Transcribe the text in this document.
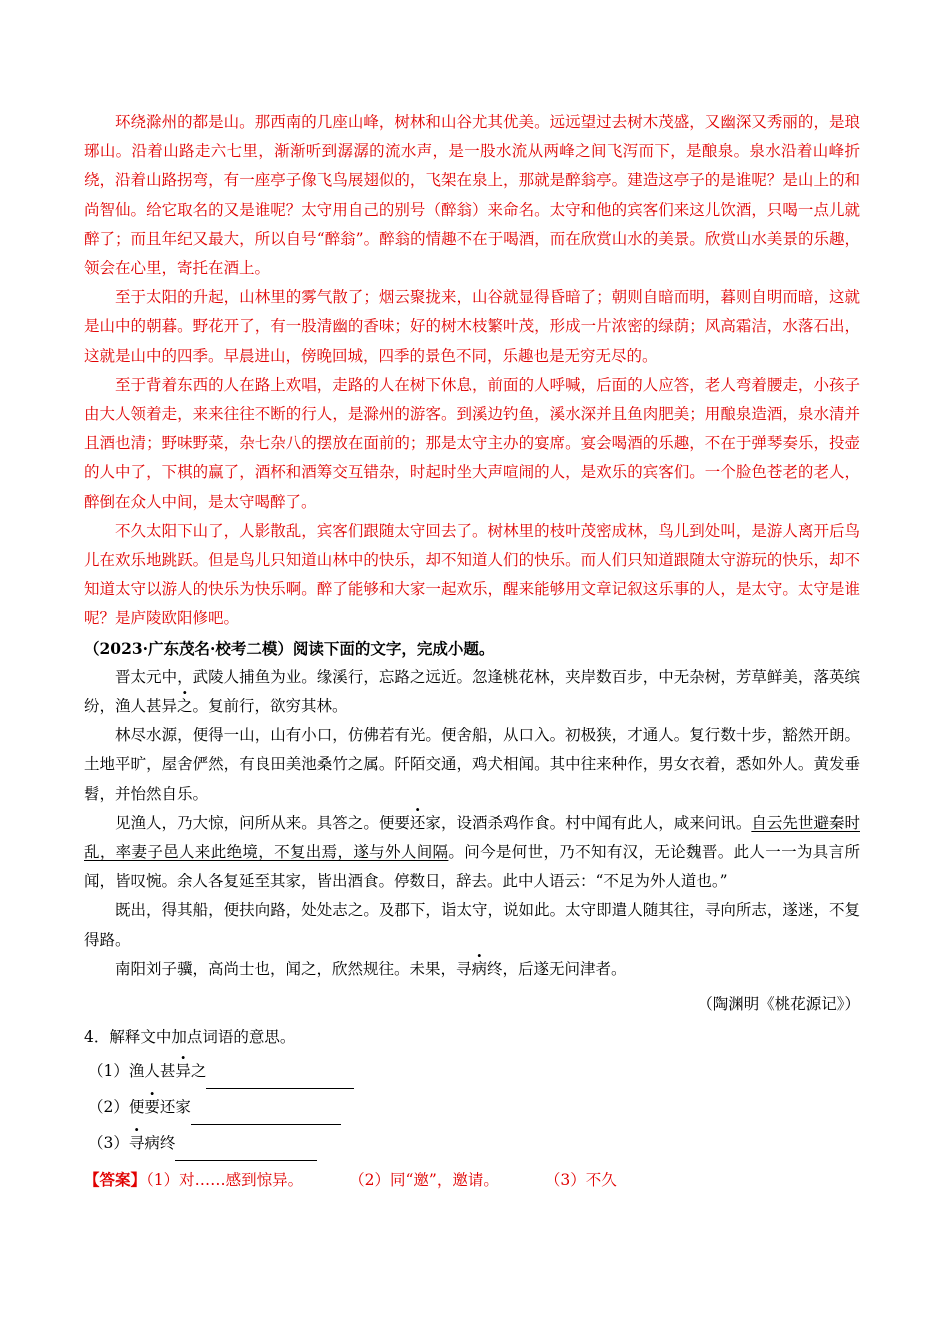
环绕滁州的都是山。那西南的几座山峰，树林和山谷尤其优美。远远望过去树木茂盛，又幽深又秀丽的，是琅琊山。沿着山路走六七里，渐渐听到潺潺的流水声，是一股水流从两峰之间飞泻而下，是酿泉。泉水沿着山峰折绕，沿着山路拐弯，有一座亭子像飞鸟展翅似的，飞架在泉上，那就是醉翁亭。建造这亭子的是谁呢？是山上的和尚智仙。给它取名的又是谁呢？太守用自己的别号（醉翁）来命名。太守和他的宾客们来这儿饮酒，只喝一点儿就醉了；而且年纪又最大，所以自号“醉翁”。醉翁的情趣不在于喝酒，而在欣赏山水的美景。欣赏山水美景的乐趣，领会在心里，寄托在酒上。

至于太阳的升起，山林里的雾气散了；烟云聚拢来，山谷就显得昏暗了；朝则自暗而明，暮则自明而暗，这就是山中的朝暮。野花开了，有一股清幽的香味；好的树木枝繁叶茂，形成一片浓密的绿荫；风高霜洁，水落石出，这就是山中的四季。早晨进山，傍晚回城，四季的景色不同，乐趣也是无穷无尽的。

至于背着东西的人在路上欢唱，走路的人在树下休息，前面的人呼喊，后面的人应答，老人弯着腰走，小孩子由大人领着走，来来往往不断的行人，是滁州的游客。到溪边钓鱼，溪水深并且鱼肉肥美；用酿泉造酒，泉水清并且酒也清；野味野菜，杂七杂八的摆放在面前的；那是太守主办的宴席。宴会喝酒的乐趣，不在于弹琴奏乐，投壶的人中了，下棋的赢了，酒杯和酒筹交互错杂，时起时坐大声喧闹的人，是欢乐的宾客们。一个脸色苍老的老人，醉倒在众人中间，是太守喝醉了。

不久太阳下山了，人影散乱，宾客们跟随太守回去了。树林里的枝叶茂密成林，鸟儿到处叫，是游人离开后鸟儿在欢乐地跳跃。但是鸟儿只知道山林中的快乐，却不知道人们的快乐。而人们只知道跟随太守游玩的快乐，却不知道太守以游人的快乐为快乐啊。醉了能够和大家一起欢乐，醒来能够用文章记叙这乐事的人，是太守。太守是谁呢？是庐陵欧阳修吧。

（2023·广东茂名·校考二模）阅读下面的文字，完成小题。

晋太元中，武陵人捕鱼为业。缘溪行，忘路之远近。忽逢桃花林，夹岸数百步，中无杂树，芳草鲜美，落英缤纷，渔人甚异之。复前行，欲穷其林。

林尽水源，便得一山，山有小口，仿佛若有光。便舍船，从口入。初极狭，才通人。复行数十步，豁然开朗。土地平旷，屋舍俨然，有良田美池桑竹之属。阡陌交通，鸡犬相闻。其中往来种作，男女衣着，悉如外人。黄发垂髫，并怡然自乐。

见渔人，乃大惊，问所从来。具答之。便要还家，设酒杀鸡作食。村中闻有此人，咸来问讯。自云先世避秦时乱，率妻子邑人来此绝境，不复出焉，遂与外人间隔。问今是何世，乃不知有汉，无论魏晋。此人一一为具言所闻，皆叹惋。余人各复延至其家，皆出酒食。停数日，辞去。此中人语云：“不足为外人道也。”

既出，得其船，便扶向路，处处志之。及郡下，诣太守，说如此。太守即遣人随其往，寻向所志，遂迷，不复得路。

南阳刘子骥，高尚士也，闻之，欣然规往。未果，寻病终，后遂无问津者。

（陶渊明《桃花源记》）

4．解释文中加点词语的意思。

（1）渔人甚异之

（2）便要还家

（3）寻病终

【答案】（1）对……感到惊异。	（2）同“邀”，邀请。	（3）不久
